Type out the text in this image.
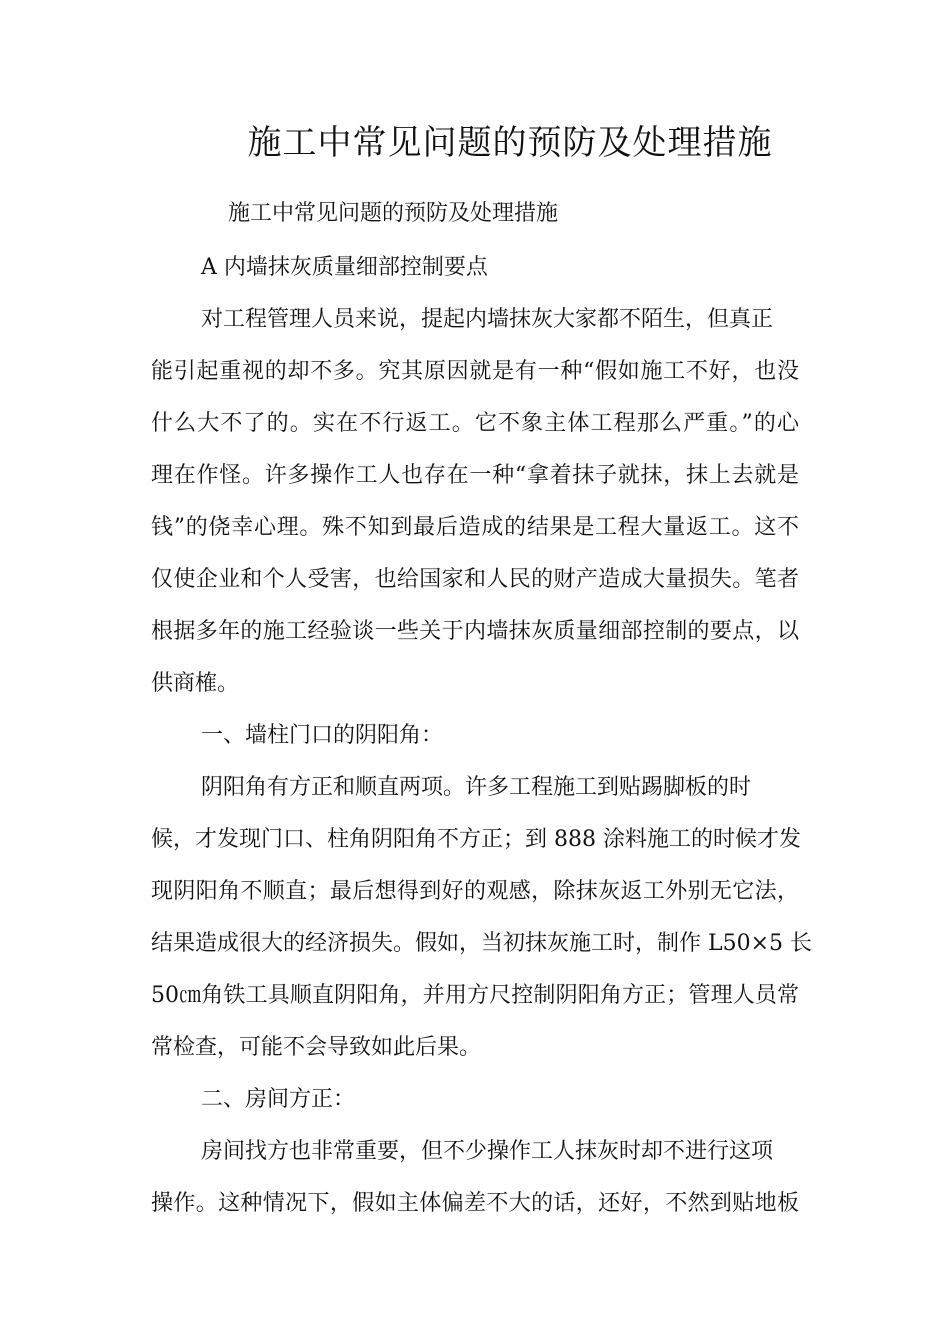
施工中常见问题的预防及处理措施
施工中常见问题的预防及处理措施
A 内墙抹灰质量细部控制要点
对工程管理人员来说，提起内墙抹灰大家都不陌生，但真正
能引起重视的却不多。究其原因就是有一种“假如施工不好，也没
什么大不了的。实在不行返工。它不象主体工程那么严重。”的心
理在作怪。许多操作工人也存在一种“拿着抹子就抹，抹上去就是
钱”的侥幸心理。殊不知到最后造成的结果是工程大量返工。这不
仅使企业和个人受害，也给国家和人民的财产造成大量损失。笔者
根据多年的施工经验谈一些关于内墙抹灰质量细部控制的要点，以
供商榷。
一、墙柱门口的阴阳角：
阴阳角有方正和顺直两项。许多工程施工到贴踢脚板的时
候，才发现门口、柱角阴阳角不方正；到 888 涂料施工的时候才发
现阴阳角不顺直；最后想得到好的观感，除抹灰返工外别无它法，
结果造成很大的经济损失。假如，当初抹灰施工时，制作 L50×5 长
50㎝角铁工具顺直阴阳角，并用方尺控制阴阳角方正；管理人员常
常检查，可能不会导致如此后果。
二、房间方正：
房间找方也非常重要，但不少操作工人抹灰时却不进行这项
操作。这种情况下，假如主体偏差不大的话，还好，不然到贴地板
